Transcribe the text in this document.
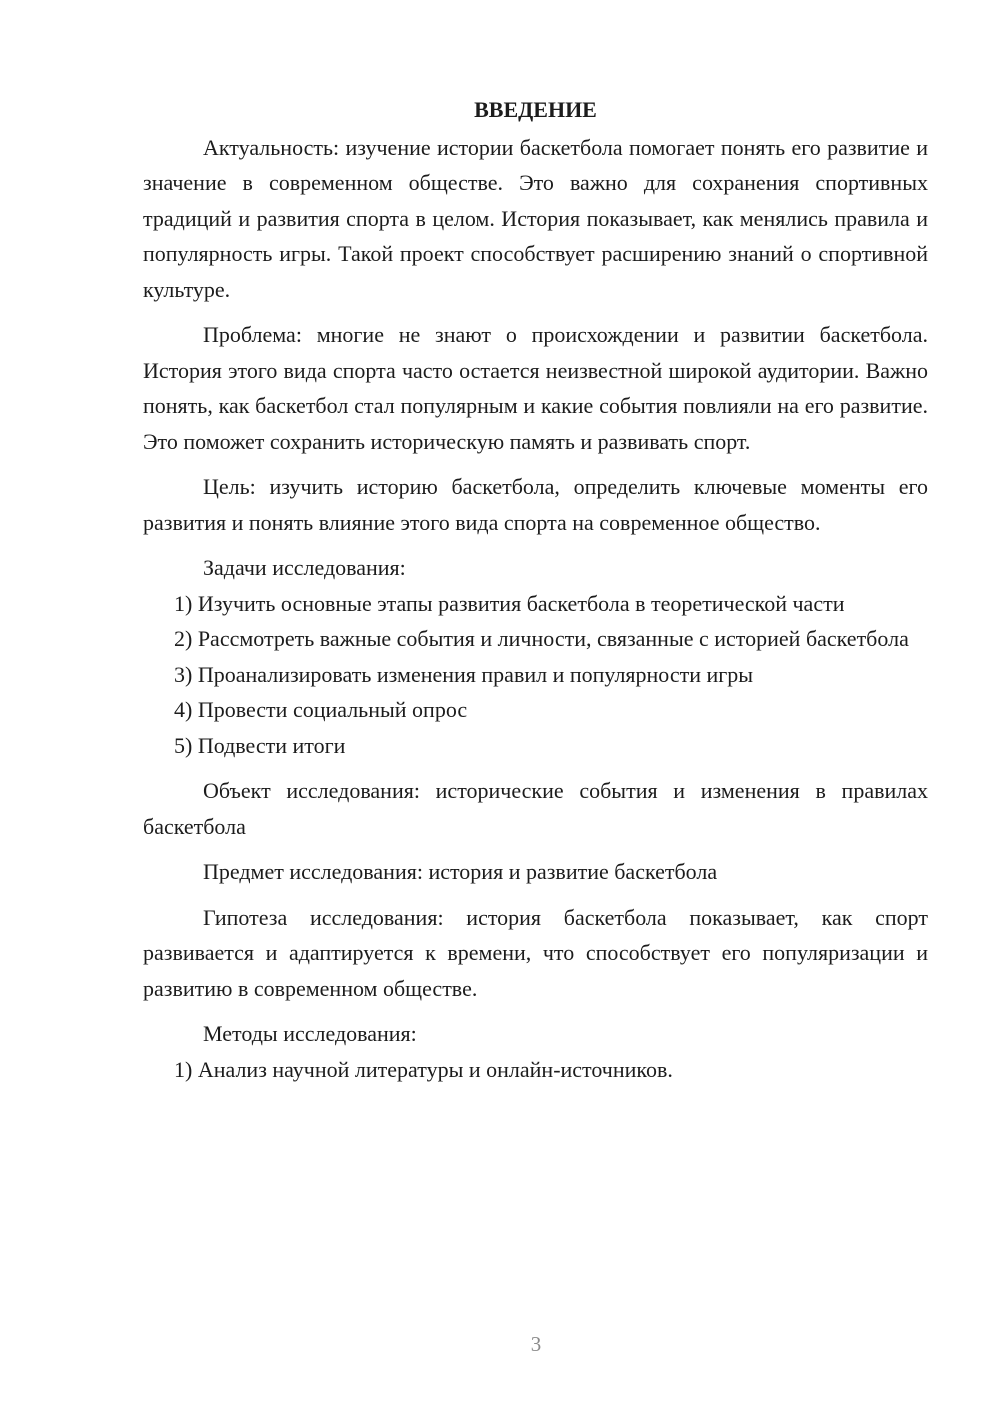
ВВЕДЕНИЕ

Актуальность: изучение истории баскетбола помогает понять его развитие и значение в современном обществе. Это важно для сохранения спортивных традиций и развития спорта в целом. История показывает, как менялись правила и популярность игры. Такой проект способствует расширению знаний о спортивной культуре.

Проблема: многие не знают о происхождении и развитии баскетбола. История этого вида спорта часто остается неизвестной широкой аудитории. Важно понять, как баскетбол стал популярным и какие события повлияли на его развитие. Это поможет сохранить историческую память и развивать спорт.

Цель: изучить историю баскетбола, определить ключевые моменты его развития и понять влияние этого вида спорта на современное общество.

Задачи исследования:

1) Изучить основные этапы развития баскетбола в теоретической части

2) Рассмотреть важные события и личности, связанные с историей баскетбола

3) Проанализировать изменения правил и популярности игры

4) Провести социальный опрос

5) Подвести итоги

Объект исследования: исторические события и изменения в правилах баскетбола

Предмет исследования: история и развитие баскетбола

Гипотеза исследования: история баскетбола показывает, как спорт развивается и адаптируется к времени, что способствует его популяризации и развитию в современном обществе.

Методы исследования:

1) Анализ научной литературы и онлайн-источников.

3
